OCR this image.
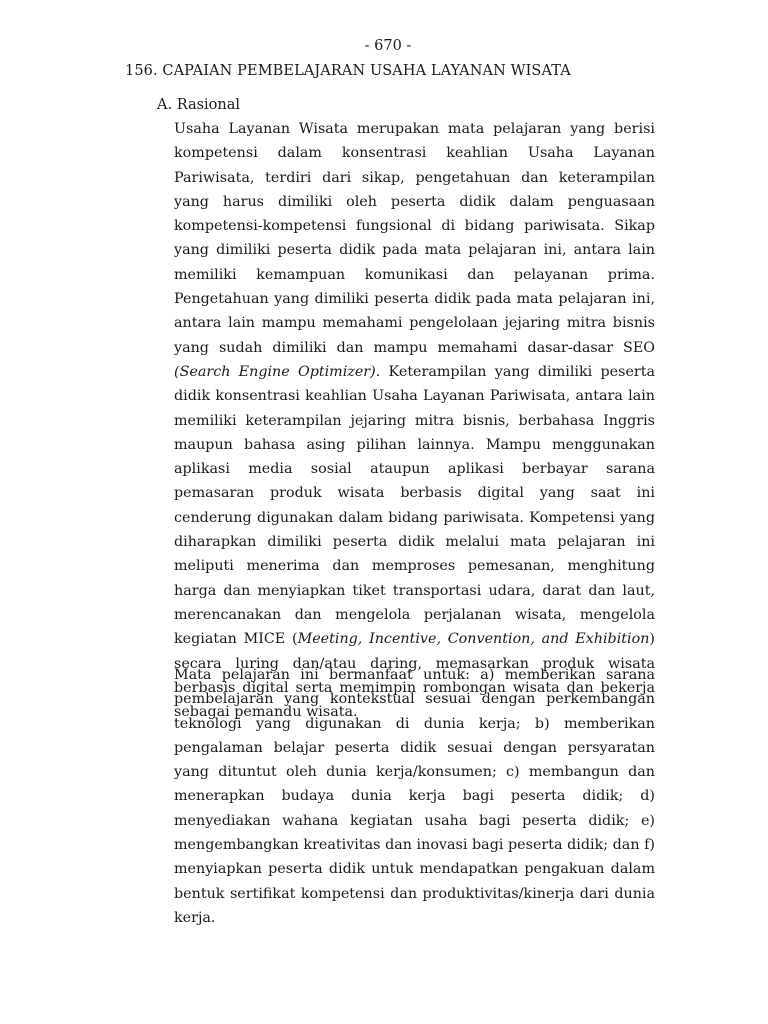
- 670 -
156. CAPAIAN PEMBELAJARAN USAHA LAYANAN WISATA
A. Rasional

Usaha Layanan Wisata merupakan mata pelajaran yang berisi kompetensi dalam konsentrasi keahlian Usaha Layanan Pariwisata, terdiri dari sikap, pengetahuan dan keterampilan yang harus dimiliki oleh peserta didik dalam penguasaan kompetensi-kompetensi fungsional di bidang pariwisata. Sikap yang dimiliki peserta didik pada mata pelajaran ini, antara lain memiliki kemampuan komunikasi dan pelayanan prima. Pengetahuan yang dimiliki peserta didik pada mata pelajaran ini, antara lain mampu memahami pengelolaan jejaring mitra bisnis yang sudah dimiliki dan mampu memahami dasar-dasar SEO (Search Engine Optimizer). Keterampilan yang dimiliki peserta didik konsentrasi keahlian Usaha Layanan Pariwisata, antara lain memiliki keterampilan jejaring mitra bisnis, berbahasa Inggris maupun bahasa asing pilihan lainnya. Mampu menggunakan aplikasi media sosial ataupun aplikasi berbayar sarana pemasaran produk wisata berbasis digital yang saat ini cenderung digunakan dalam bidang pariwisata. Kompetensi yang diharapkan dimiliki peserta didik melalui mata pelajaran ini meliputi menerima dan memproses pemesanan, menghitung harga dan menyiapkan tiket transportasi udara, darat dan laut, merencanakan dan mengelola perjalanan wisata, mengelola kegiatan MICE (Meeting, Incentive, Convention, and Exhibition) secara luring dan/atau daring, memasarkan produk wisata berbasis digital serta memimpin rombongan wisata dan bekerja sebagai pemandu wisata.

Mata pelajaran ini bermanfaat untuk: a) memberikan sarana pembelajaran yang kontekstual sesuai dengan perkembangan teknologi yang digunakan di dunia kerja; b) memberikan pengalaman belajar peserta didik sesuai dengan persyaratan yang dituntut oleh dunia kerja/konsumen; c) membangun dan menerapkan budaya dunia kerja bagi peserta didik; d) menyediakan wahana kegiatan usaha bagi peserta didik; e) mengembangkan kreativitas dan inovasi bagi peserta didik; dan f) menyiapkan peserta didik untuk mendapatkan pengakuan dalam bentuk sertifikat kompetensi dan produktivitas/kinerja dari dunia kerja.
